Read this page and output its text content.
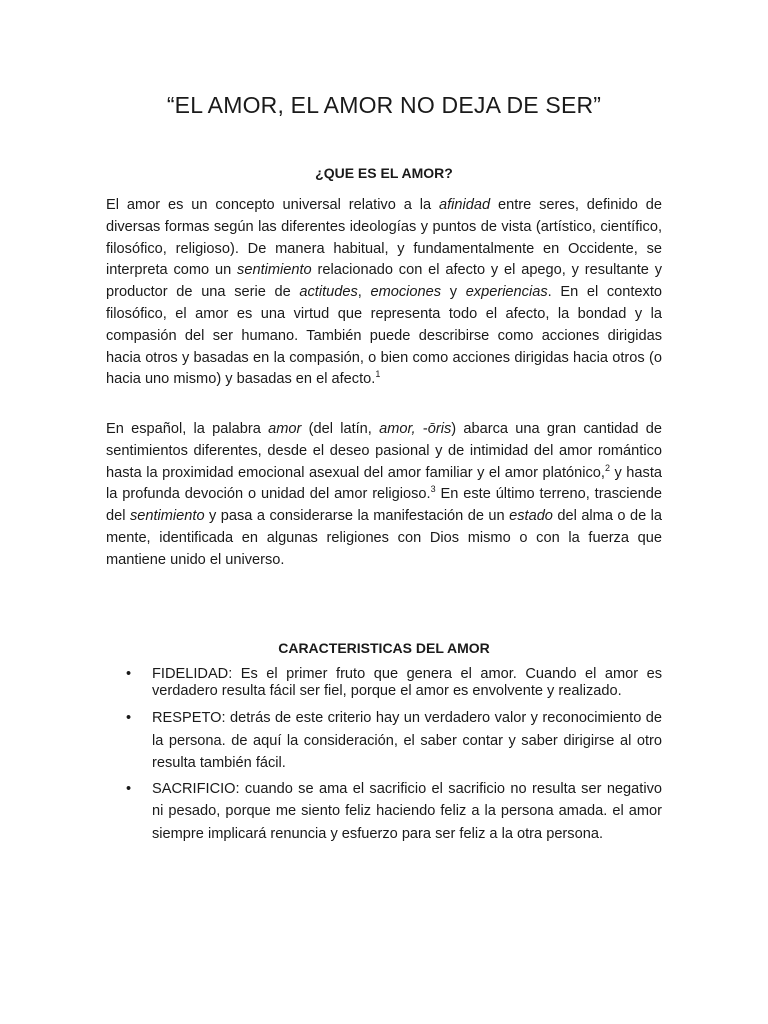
“EL AMOR, EL AMOR NO DEJA DE SER”
¿QUE ES EL AMOR?

El amor es un concepto universal relativo a la afinidad entre seres, definido de diversas formas según las diferentes ideologías y puntos de vista (artístico, científico, filosófico, religioso). De manera habitual, y fundamentalmente en Occidente, se interpreta como un sentimiento relacionado con el afecto y el apego, y resultante y productor de una serie de actitudes, emociones y experiencias. En el contexto filosófico, el amor es una virtud que representa todo el afecto, la bondad y la compasión del ser humano. También puede describirse como acciones dirigidas hacia otros y basadas en la compasión, o bien como acciones dirigidas hacia otros (o hacia uno mismo) y basadas en el afecto.$^1$

En español, la palabra amor (del latín, amor, -ōris) abarca una gran cantidad de sentimientos diferentes, desde el deseo pasional y de intimidad del amor romántico hasta la proximidad emocional asexual del amor familiar y el amor platónico,$^2$ y hasta la profunda devoción o unidad del amor religioso.$^3$ En este último terreno, trasciende del sentimiento y pasa a considerarse la manifestación de un estado del alma o de la mente, identificada en algunas religiones con Dios mismo o con la fuerza que mantiene unido el universo.

CARACTERISTICAS DEL AMOR
• FIDELIDAD: Es el primer fruto que genera el amor. Cuando el amor es verdadero resulta fácil ser fiel, porque el amor es envolvente y realizado.
• RESPETO: detrás de este criterio hay un verdadero valor y reconocimiento de la persona. de aquí la consideración, el saber contar y saber dirigirse al otro resulta también fácil.
• SACRIFICIO: cuando se ama el sacrificio el sacrificio no resulta ser negativo ni pesado, porque me siento feliz haciendo feliz a la persona amada. el amor siempre implicará renuncia y esfuerzo para ser feliz a la otra persona.
